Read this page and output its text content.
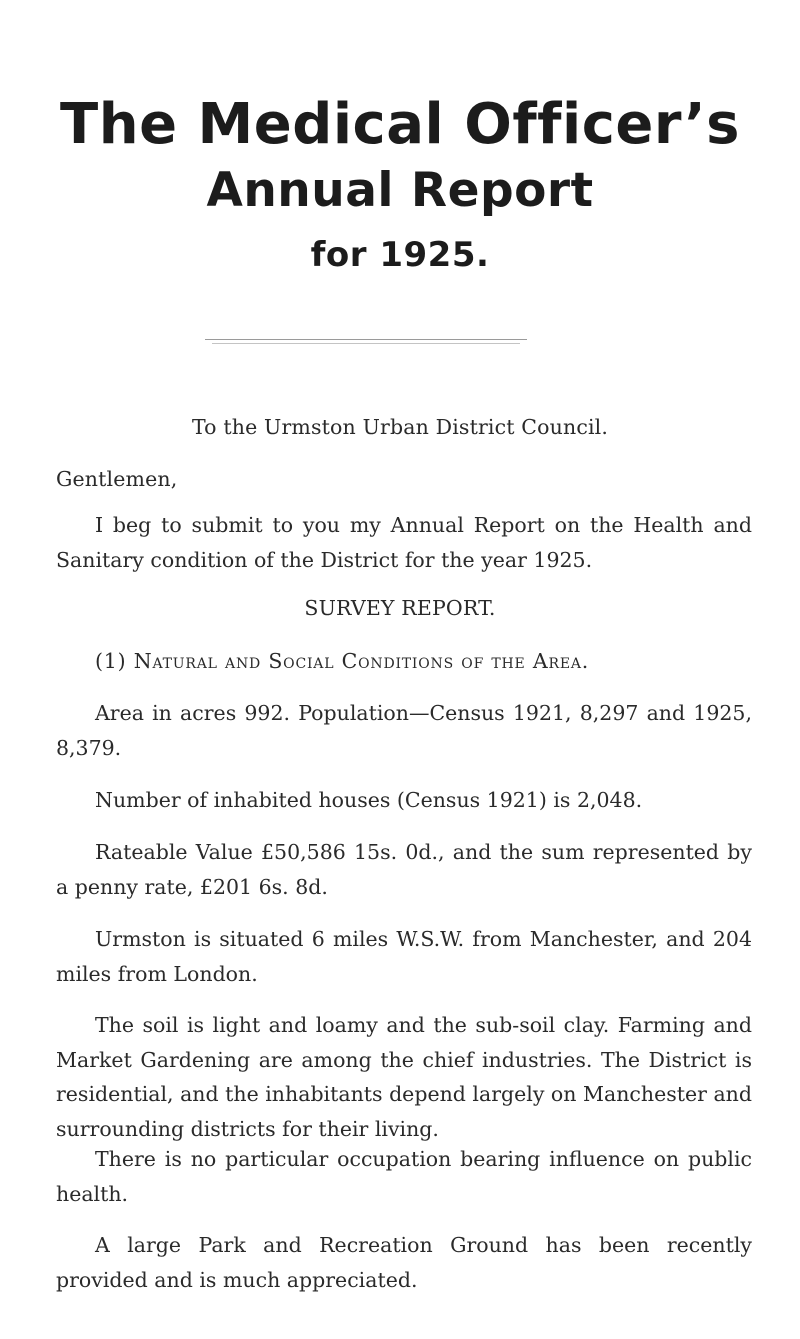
The Medical Officer’s
Annual Report
for 1925.
To the Urmston Urban District Council.
Gentlemen,

I beg to submit to you my Annual Report on the Health and Sanitary condition of the District for the year 1925.

SURVEY REPORT.
(1) Natural and Social Conditions of the Area.

Area in acres 992. Population—Census 1921, 8,297 and 1925, 8,379.

Number of inhabited houses (Census 1921) is 2,048.

Rateable Value £50,586 15s. 0d., and the sum represented by a penny rate, £201 6s. 8d.

Urmston is situated 6 miles W.S.W. from Manchester, and 204 miles from London.

The soil is light and loamy and the sub-soil clay. Farming and Market Gardening are among the chief industries. The District is residential, and the inhabitants depend largely on Manchester and surrounding districts for their living.

There is no particular occupation bearing influence on public health.

A large Park and Recreation Ground has been recently provided and is much appreciated.
